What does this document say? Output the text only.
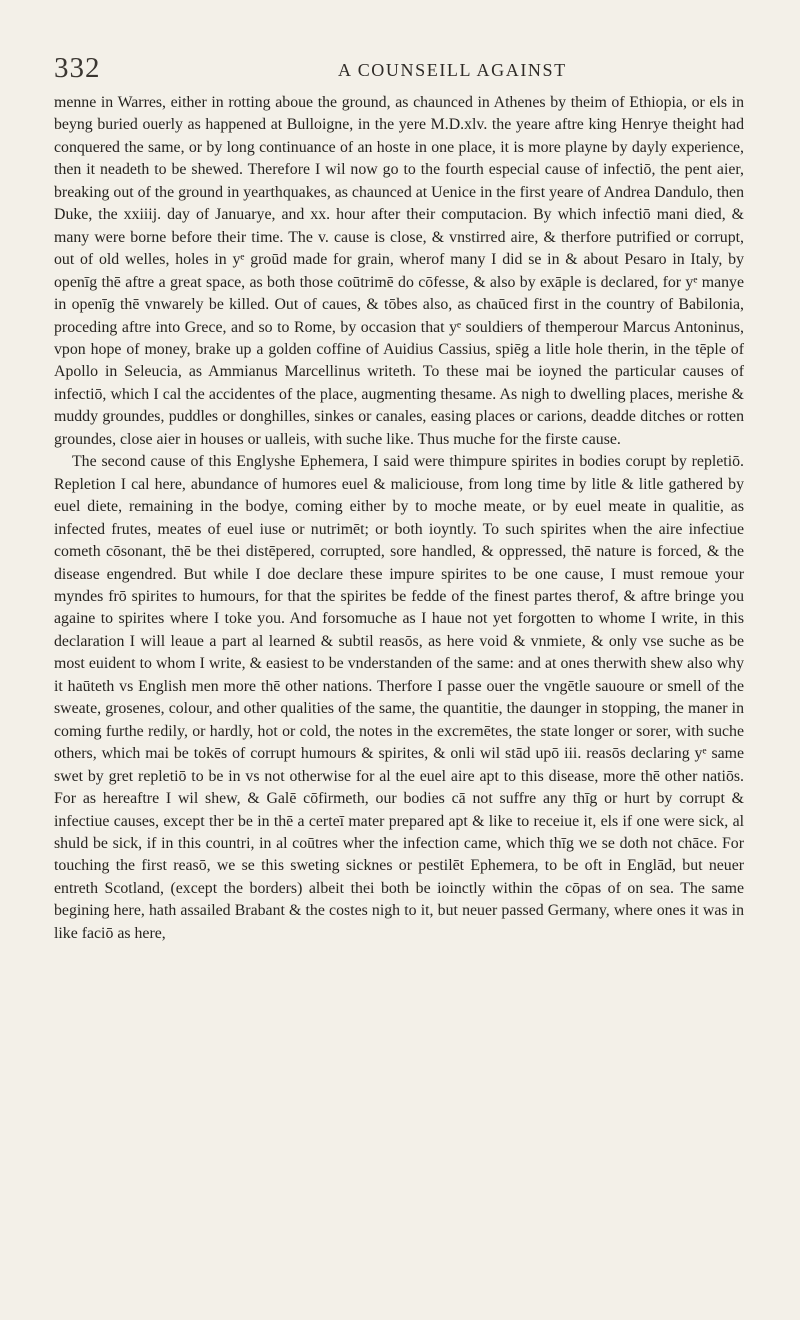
332	A COUNSEILL AGAINST

menne in Warres, either in rotting aboue the ground, as chaunced in Athenes by theim of Ethiopia, or els in beyng buried ouerly as happened at Bulloigne, in the yere M.D.xlv. the yeare aftre king Henrye theight had conquered the same, or by long continuance of an hoste in one place, it is more playne by dayly experience, then it neadeth to be shewed. Therefore I wil now go to the fourth especial cause of infectiō, the pent aier, breaking out of the ground in yearthquakes, as chaunced at Uenice in the first yeare of Andrea Dandulo, then Duke, the xxiiij. day of Januarye, and xx. hour after their computacion. By which infectiō mani died, & many were borne before their time. The v. cause is close, & vnstirred aire, & therfore putrified or corrupt, out of old welles, holes in yᵉ groūd made for grain, wherof many I did se in & about Pesaro in Italy, by openīg thē aftre a great space, as both those coūtrimē do cōfesse, & also by exāple is declared, for yᵉ manye in openīg thē vnwarely be killed. Out of caues, & tōbes also, as chaūced first in the country of Babilonia, proceding aftre into Grece, and so to Rome, by occasion that yᵉ souldiers of themperour Marcus Antoninus, vpon hope of money, brake up a golden coffine of Auidius Cassius, spiēg a litle hole therin, in the tēple of Apollo in Seleucia, as Ammianus Marcellinus writeth. To these mai be ioyned the particular causes of infectiō, which I cal the accidentes of the place, augmenting thesame. As nigh to dwelling places, merishe & muddy groundes, puddles or donghilles, sinkes or canales, easing places or carions, deadde ditches or rotten groundes, close aier in houses or ualleis, with suche like. Thus muche for the firste cause.

The second cause of this Englyshe Ephemera, I said were thimpure spirites in bodies corupt by repletiō. Repletion I cal here, abundance of humores euel & maliciouse, from long time by litle & litle gathered by euel diete, remaining in the bodye, coming either by to moche meate, or by euel meate in qualitie, as infected frutes, meates of euel iuse or nutrimēt; or both ioyntly. To such spirites when the aire infectiue cometh cōsonant, thē be thei distēpered, corrupted, sore handled, & oppressed, thē nature is forced, & the disease engendred. But while I doe declare these impure spirites to be one cause, I must remoue your myndes frō spirites to humours, for that the spirites be fedde of the finest partes therof, & aftre bringe you againe to spirites where I toke you. And forsomuche as I haue not yet forgotten to whome I write, in this declaration I will leaue a part al learned & subtil reasōs, as here void & vnmiete, & only vse suche as be most euident to whom I write, & easiest to be vnderstanden of the same: and at ones therwith shew also why it haūteth vs English men more thē other nations. Therfore I passe ouer the vngētle sauoure or smell of the sweate, grosenes, colour, and other qualities of the same, the quantitie, the daunger in stopping, the maner in coming furthe redily, or hardly, hot or cold, the notes in the excremētes, the state longer or sorer, with suche others, which mai be tokēs of corrupt humours & spirites, & onli wil stād upō iii. reasōs declaring yᵉ same swet by gret repletiō to be in vs not otherwise for al the euel aire apt to this disease, more thē other natiōs. For as hereaftre I wil shew, & Galē cōfirmeth, our bodies cā not suffre any thīg or hurt by corrupt & infectiue causes, except ther be in thē a certeī mater prepared apt & like to receiue it, els if one were sick, al shuld be sick, if in this countri, in al coūtres wher the infection came, which thīg we se doth not chāce. For touching the first reasō, we se this sweting sicknes or pestilēt Ephemera, to be oft in Englād, but neuer entreth Scotland, (except the borders) albeit thei both be ioinctly within the cōpas of on sea. The same begining here, hath assailed Brabant & the costes nigh to it, but neuer passed Germany, where ones it was in like faciō as here,
